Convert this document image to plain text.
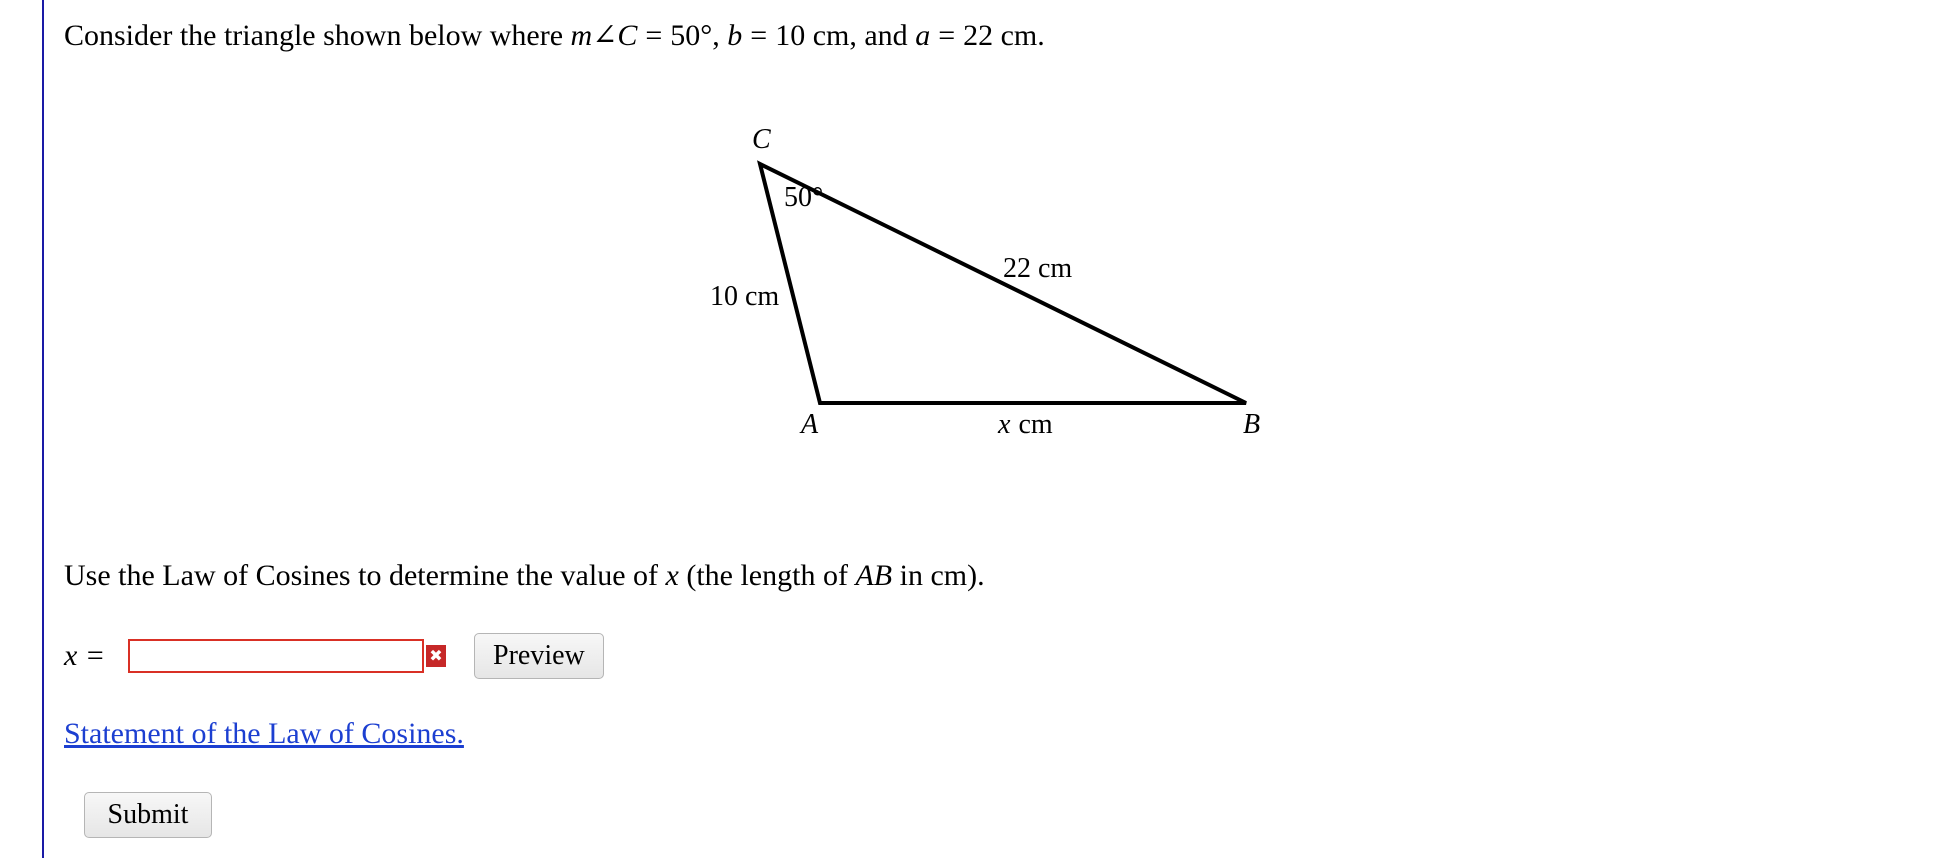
Consider the triangle shown below where m∠C = 50°, b = 10 cm, and a = 22 cm.
C
A	B
50°
10 cm
22 cm
x cm
Use the Law of Cosines to determine the value of x (the length of AB in cm).
x =	✖	Preview
Statement of the Law of Cosines.
Submit
